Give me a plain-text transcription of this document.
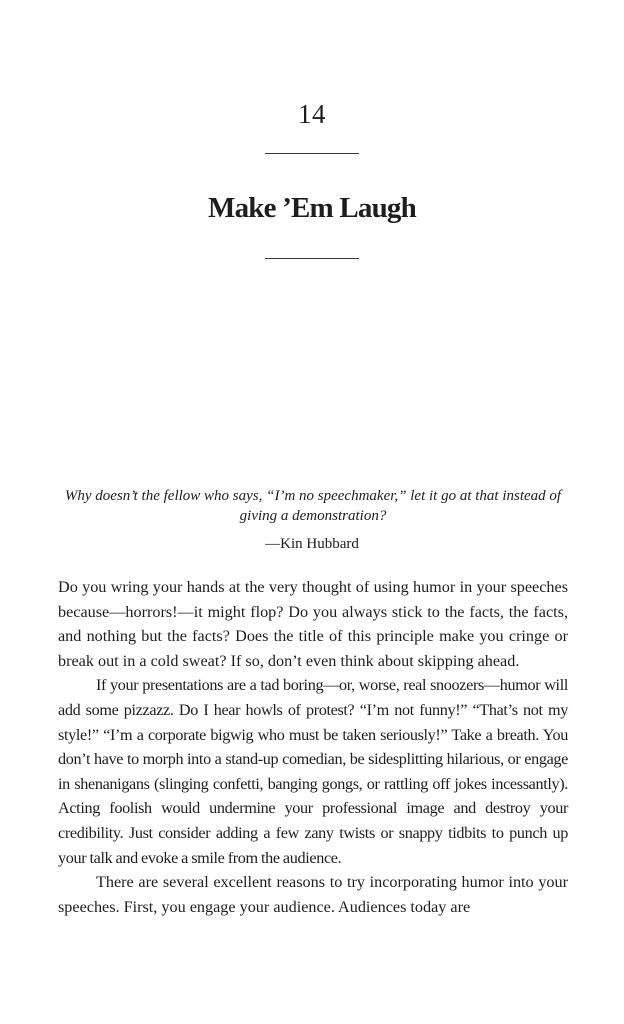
14
Make ’Em Laugh
Why doesn’t the fellow who says, “I’m no speechmaker,” let it go at that instead of giving a demonstration?
—Kin Hubbard

Do you wring your hands at the very thought of using humor in your speeches because—horrors!—it might flop? Do you always stick to the facts, the facts, and nothing but the facts? Does the title of this principle make you cringe or break out in a cold sweat? If so, don’t even think about skipping ahead.

If your presentations are a tad boring—or, worse, real snoozers—humor will add some pizzazz. Do I hear howls of protest? “I’m not funny!” “That’s not my style!” “I’m a corporate bigwig who must be taken seriously!” Take a breath. You don’t have to morph into a stand-up comedian, be sidesplitting hilarious, or engage in shenanigans (slinging confetti, banging gongs, or rattling off jokes incessantly). Acting foolish would undermine your professional image and destroy your credibility. Just consider adding a few zany twists or snappy tidbits to punch up your talk and evoke a smile from the audience.

There are several excellent reasons to try incorporating humor into your speeches. First, you engage your audience. Audiences today are
